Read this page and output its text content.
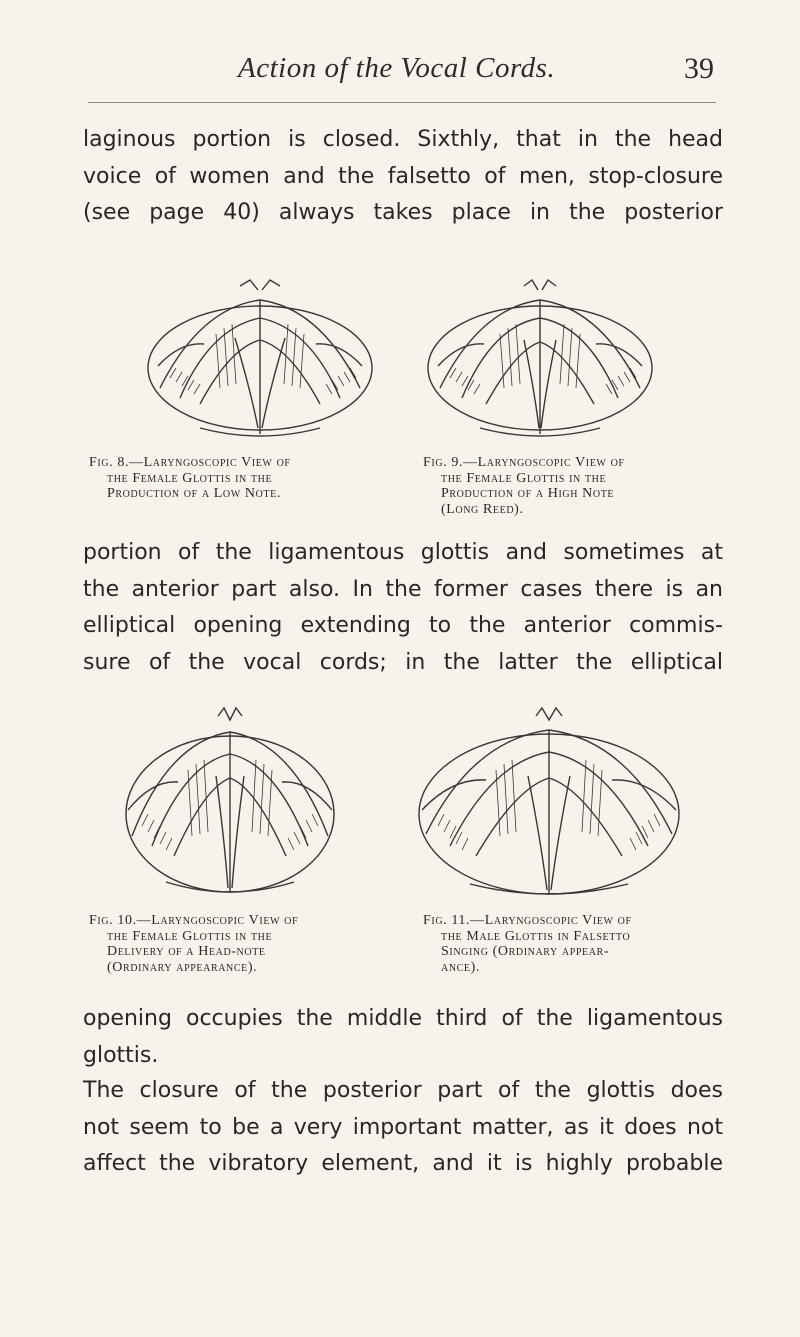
Action of the Vocal Cords.	39
laginous portion is closed. Sixthly, that in the head
voice of women and the falsetto of men, stop-closure
(see page 40) always takes place in the posterior
Fig. 8.—Laryngoscopic View of
the Female Glottis in the
Production of a Low Note.
Fig. 9.—Laryngoscopic View of
the Female Glottis in the
Production of a High Note
(Long Reed).
portion of the ligamentous glottis and sometimes at
the anterior part also. In the former cases there is an
elliptical opening extending to the anterior commis-
sure of the vocal cords; in the latter the elliptical
Fig. 10.—Laryngoscopic View of
the Female Glottis in the
Delivery of a Head-note
(Ordinary appearance).
Fig. 11.—Laryngoscopic View of
the Male Glottis in Falsetto
Singing (Ordinary appear-
ance).
opening occupies the middle third of the ligamentous
glottis.
The closure of the posterior part of the glottis does
not seem to be a very important matter, as it does not
affect the vibratory element, and it is highly probable
